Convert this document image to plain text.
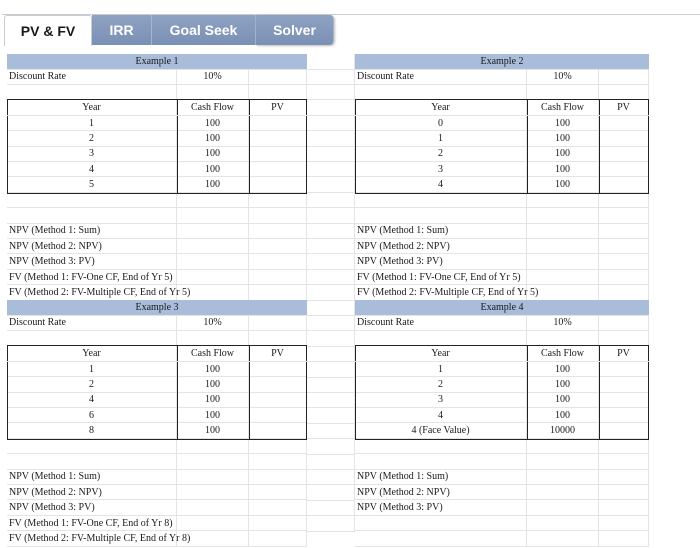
PV & FV	IRR	Goal Seek	Solver
Example 1
Discount Rate	10%
Year	Cash Flow	PV
1	100
2	100
3	100
4	100
5	100
NPV (Method 1: Sum)
NPV (Method 2: NPV)
NPV (Method 3: PV)
FV (Method 1: FV-One CF, End of Yr 5)
FV (Method 2: FV-Multiple CF, End of Yr 5)
Example 2
Discount Rate	10%
Year	Cash Flow	PV
0	100
1	100
2	100
3	100
4	100
NPV (Method 1: Sum)
NPV (Method 2: NPV)
NPV (Method 3: PV)
FV (Method 1: FV-One CF, End of Yr 5)
FV (Method 2: FV-Multiple CF, End of Yr 5)
Example 3
Discount Rate	10%
Year	Cash Flow	PV
1	100
2	100
4	100
6	100
8	100
NPV (Method 1: Sum)
NPV (Method 2: NPV)
NPV (Method 3: PV)
FV (Method 1: FV-One CF, End of Yr 8)
FV (Method 2: FV-Multiple CF, End of Yr 8)
Example 4
Discount Rate	10%
Year	Cash Flow	PV
1	100
2	100
3	100
4	100
4 (Face Value)	10000
NPV (Method 1: Sum)
NPV (Method 2: NPV)
NPV (Method 3: PV)
